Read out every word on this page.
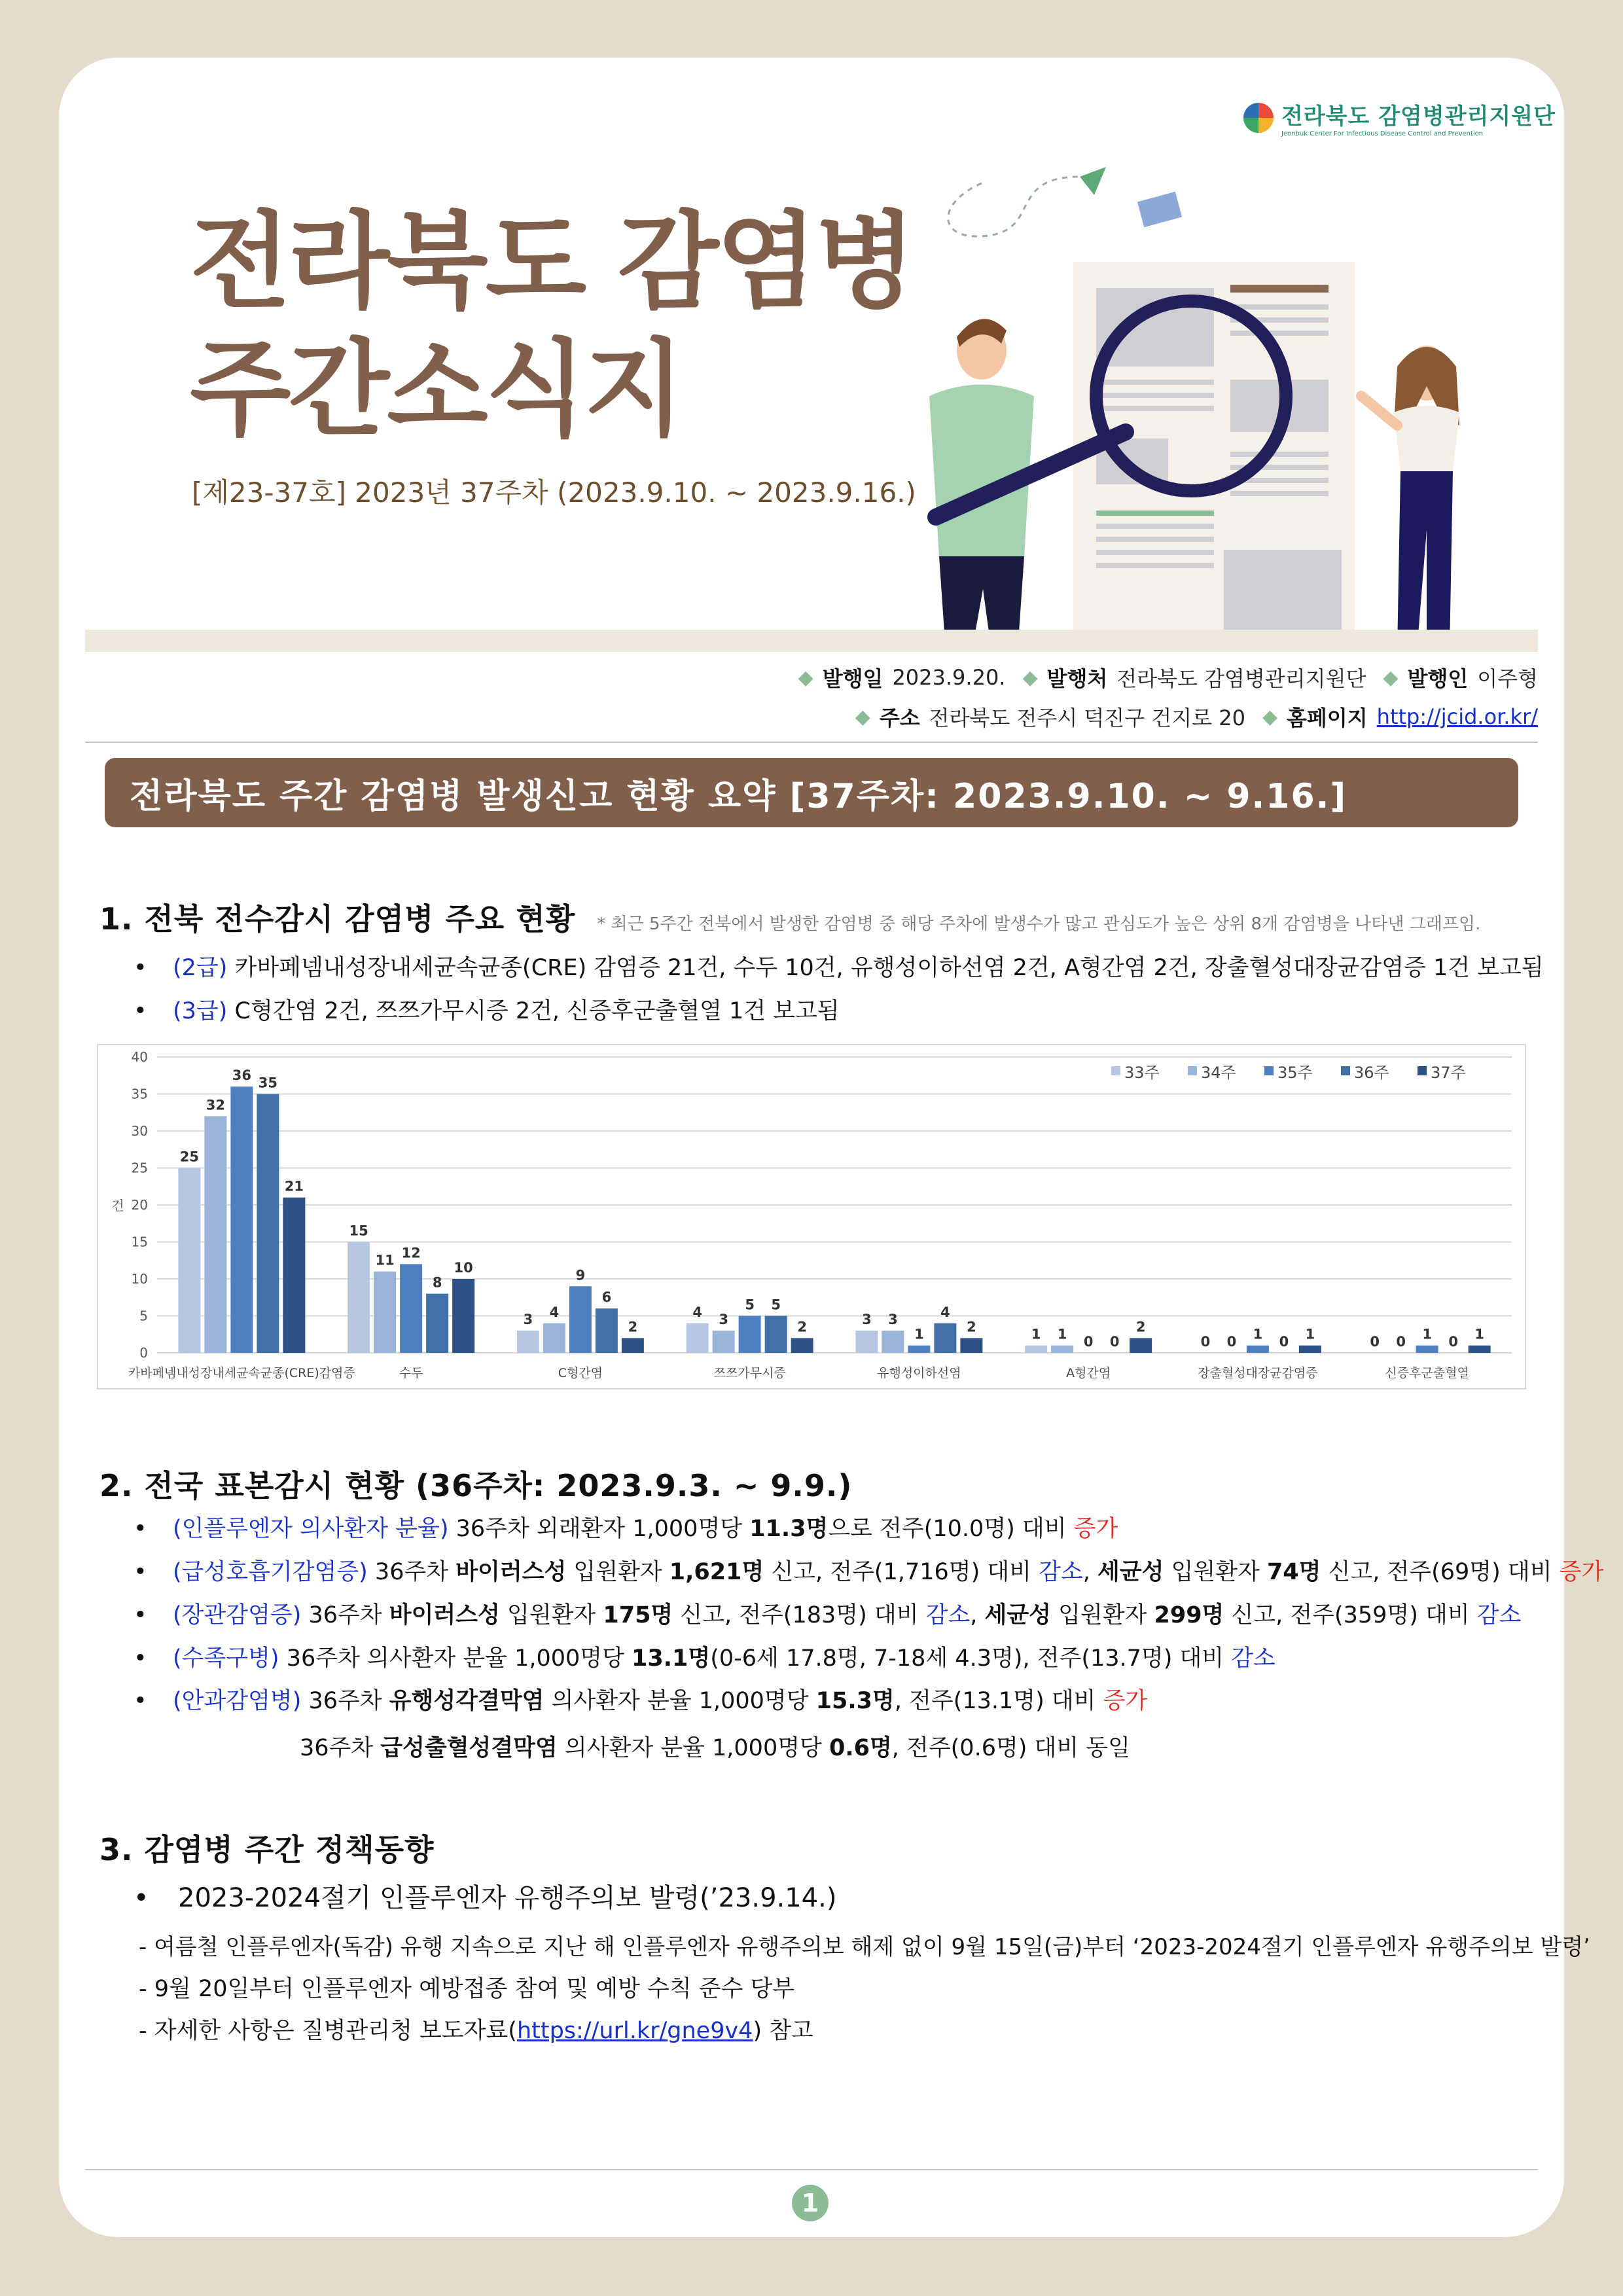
전라북도 감염병관리지원단
Jeonbuk Center For Infectious Disease Control and Prevention
전라북도 감염병
주간소식지
[제23-37호] 2023년 37주차 (2023.9.10. ~ 2023.9.16.)
◆ 발행일 2023.9.20. ◆ 발행처 전라북도 감염병관리지원단 ◆ 발행인 이주형
◆ 주소 전라북도 전주시 덕진구 건지로 20 ◆ 홈페이지 http://jcid.or.kr/
전라북도 주간 감염병 발생신고 현황 요약 [37주차: 2023.9.10. ~ 9.16.]
1. 전북 전수감시 감염병 주요 현황 * 최근 5주간 전북에서 발생한 감염병 중 해당 주차에 발생수가 많고 관심도가 높은 상위 8개 감염병을 나타낸 그래프임.
• (2급) 카바페넴내성장내세균속균종(CRE) 감염증 21건, 수두 10건, 유행성이하선염 2건, A형간염 2건, 장출혈성대장균감염증 1건 보고됨
• (3급) C형간염 2건, 쯔쯔가무시증 2건, 신증후군출혈열 1건 보고됨
0
5
10
15
20
25
30
35
40
건
25
32
36 35
21
카바페넴내성장내세균속균종(CRE)감염증
15
11 12
8
10
수두
3 4
9
6
2
C형간염
4 3
5 5
2
쯔쯔가무시증
3 3
1
4
2
유행성이하선염
1 1 0 0
2
A형간염
0 0 1 0 1
장출혈성대장균감염증
0 0 1 0 1
신증후군출혈열
33주	34주	35주	36주	37주
2. 전국 표본감시 현황 (36주차: 2023.9.3. ~ 9.9.)
• (인플루엔자 의사환자 분율) 36주차 외래환자 1,000명당 11.3명으로 전주(10.0명) 대비 증가
• (급성호흡기감염증) 36주차 바이러스성 입원환자 1,621명 신고, 전주(1,716명) 대비 감소, 세균성 입원환자 74명 신고, 전주(69명) 대비 증가
• (장관감염증) 36주차 바이러스성 입원환자 175명 신고, 전주(183명) 대비 감소, 세균성 입원환자 299명 신고, 전주(359명) 대비 감소
• (수족구병) 36주차 의사환자 분율 1,000명당 13.1명(0-6세 17.8명, 7-18세 4.3명), 전주(13.7명) 대비 감소
• (안과감염병) 36주차 유행성각결막염 의사환자 분율 1,000명당 15.3명, 전주(13.1명) 대비 증가
36주차 급성출혈성결막염 의사환자 분율 1,000명당 0.6명, 전주(0.6명) 대비 동일
3. 감염병 주간 정책동향
• 2023-2024절기 인플루엔자 유행주의보 발령(’23.9.14.)
- 여름철 인플루엔자(독감) 유행 지속으로 지난 해 인플루엔자 유행주의보 해제 없이 9월 15일(금)부터 ‘2023-2024절기 인플루엔자 유행주의보 발령’
- 9월 20일부터 인플루엔자 예방접종 참여 및 예방 수칙 준수 당부
- 자세한 사항은 질병관리청 보도자료(https://url.kr/gne9v4) 참고
1
